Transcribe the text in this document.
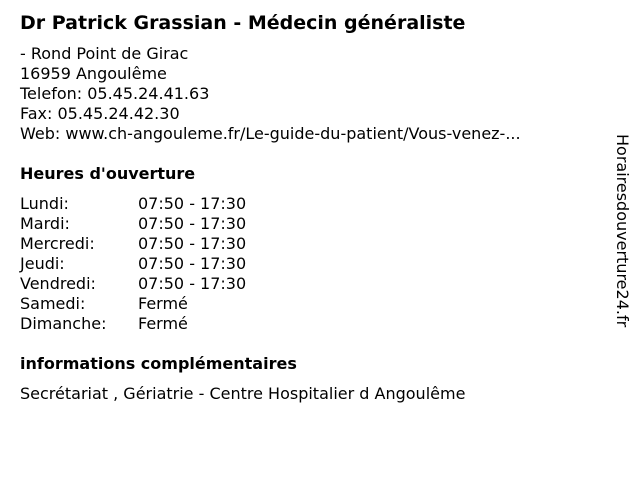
Dr Patrick Grassian - Médecin généraliste
- Rond Point de Girac
16959 Angoulême
Telefon: 05.45.24.41.63
Fax: 05.45.24.42.30
Web: www.ch-angouleme.fr/Le-guide-du-patient/Vous-venez-...
Heures d'ouverture
Lundi:	07:50 - 17:30
Mardi:	07:50 - 17:30
Mercredi:	07:50 - 17:30
Jeudi:	07:50 - 17:30
Vendredi:	07:50 - 17:30
Samedi:	Fermé
Dimanche: Fermé
informations complémentaires
Secrétariat , Gériatrie - Centre Hospitalier d Angoulême
Horairesdouverture24.fr
